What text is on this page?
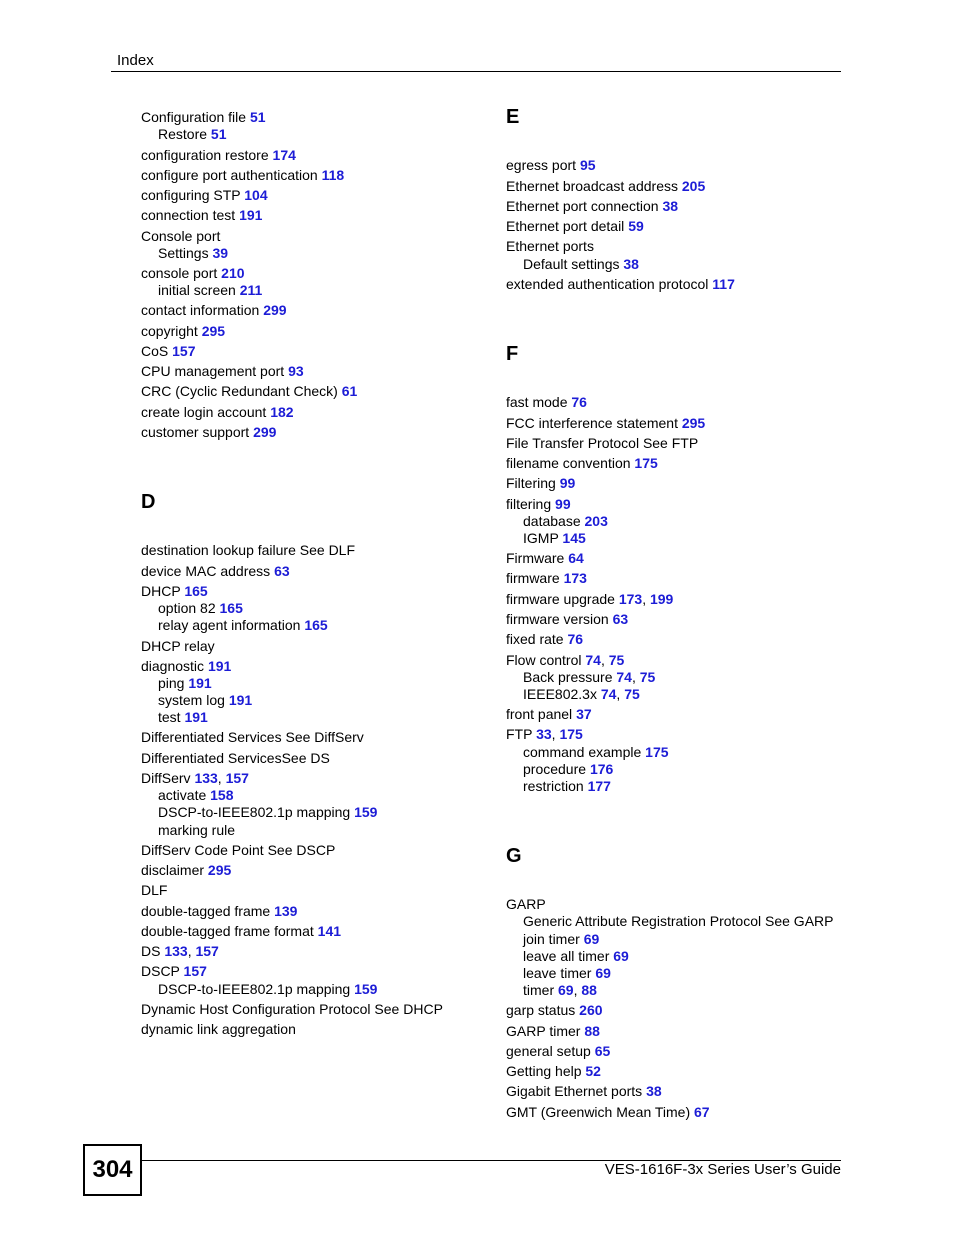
Index
Configuration file 51
Restore 51
configuration restore 174
configure port authentication 118
configuring STP 104
connection test 191
Console port
Settings 39
console port 210
initial screen 211
contact information 299
copyright 295
CoS 157
CPU management port 93
CRC (Cyclic Redundant Check) 61
create login account 182
customer support 299
D
destination lookup failure See DLF
device MAC address 63
DHCP 165
option 82 165
relay agent information 165
DHCP relay
diagnostic 191
ping 191
system log 191
test 191
Differentiated Services See DiffServ
Differentiated ServicesSee DS
DiffServ 133, 157
activate 158
DSCP-to-IEEE802.1p mapping 159
marking rule
DiffServ Code Point See DSCP
disclaimer 295
DLF
double-tagged frame 139
double-tagged frame format 141
DS 133, 157
DSCP 157
DSCP-to-IEEE802.1p mapping 159
Dynamic Host Configuration Protocol See DHCP
dynamic link aggregation
E
egress port 95
Ethernet broadcast address 205
Ethernet port connection 38
Ethernet port detail 59
Ethernet ports
Default settings 38
extended authentication protocol 117
F
fast mode 76
FCC interference statement 295
File Transfer Protocol See FTP
filename convention 175
Filtering 99
filtering 99
database 203
IGMP 145
Firmware 64
firmware 173
firmware upgrade 173, 199
firmware version 63
fixed rate 76
Flow control 74, 75
Back pressure 74, 75
IEEE802.3x 74, 75
front panel 37
FTP 33, 175
command example 175
procedure 176
restriction 177
G
GARP
Generic Attribute Registration Protocol See GARP
join timer 69
leave all timer 69
leave timer 69
timer 69, 88
garp status 260
GARP timer 88
general setup 65
Getting help 52
Gigabit Ethernet ports 38
GMT (Greenwich Mean Time) 67
304	VES-1616F-3x Series User’s Guide
